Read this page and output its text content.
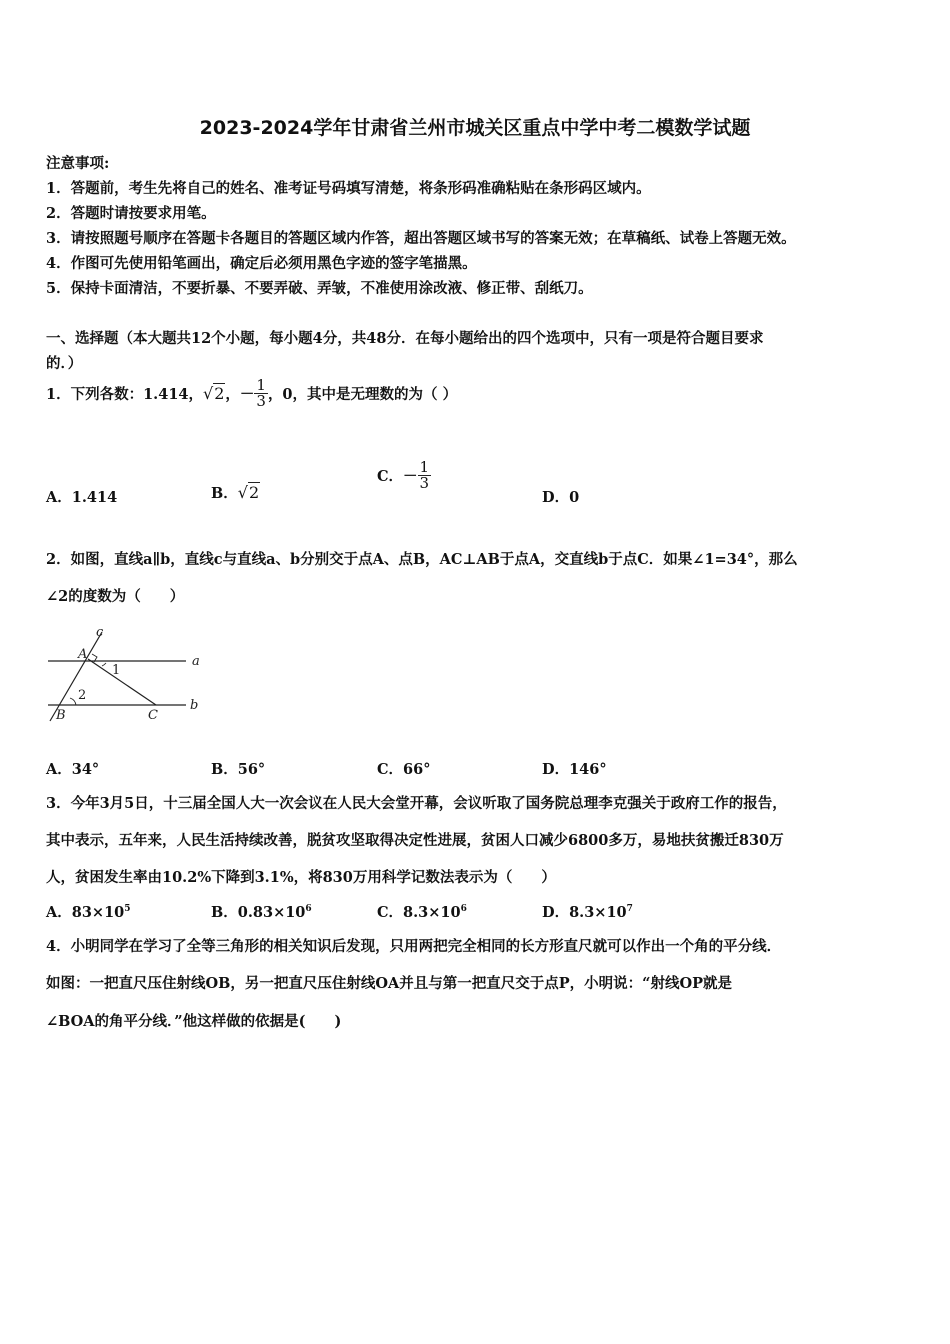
2023-2024学年甘肃省兰州市城关区重点中学中考二模数学试题
注意事项:
1．答题前，考生先将自己的姓名、准考证号码填写清楚，将条形码准确粘贴在条形码区域内。
2．答题时请按要求用笔。
3．请按照题号顺序在答题卡各题目的答题区域内作答，超出答题区域书写的答案无效；在草稿纸、试卷上答题无效。
4．作图可先使用铅笔画出，确定后必须用黑色字迹的签字笔描黑。
5．保持卡面清洁，不要折暴、不要弄破、弄皱，不准使用涂改液、修正带、刮纸刀。
一、选择题（本大题共12个小题，每小题4分，共48分．在每小题给出的四个选项中，只有一项是符合题目要求
的．）
1．下列各数：1.414， √2 ，－ $\frac{1}{3}$ ，0，其中是无理数的为（ ）
A．1.414	B．√2
C．－ $\frac{1}{3}$
D．0
2．如图，直线a∥b，直线c与直线a、b分别交于点A、点B，AC⊥AB于点A，交直线b于点C．如果∠1=34°，那么
∠2的度数为（　　）
c
a
A
1
2
b
B	C
A．34°	B．56°	C．66°	D．146°
3．今年3月5日，十三届全国人大一次会议在人民大会堂开幕，会议听取了国务院总理李克强关于政府工作的报告，
其中表示，五年来，人民生活持续改善，脱贫攻坚取得决定性进展，贫困人口减少6800多万，易地扶贫搬迁830万
人，贫困发生率由10.2%下降到3.1%，将830万用科学记数法表示为（　　）
A．$83\times 10^5$	B．$0.83\times 10^6$	C．$8.3\times 10^6$	D．$8.3\times 10^7$
4．小明同学在学习了全等三角形的相关知识后发现，只用两把完全相同的长方形直尺就可以作出一个角的平分线．
如图：一把直尺压住射线OB，另一把直尺压住射线OA并且与第一把直尺交于点P，小明说：“射线OP就是
∠BOA的角平分线．”他这样做的依据是(　　)
